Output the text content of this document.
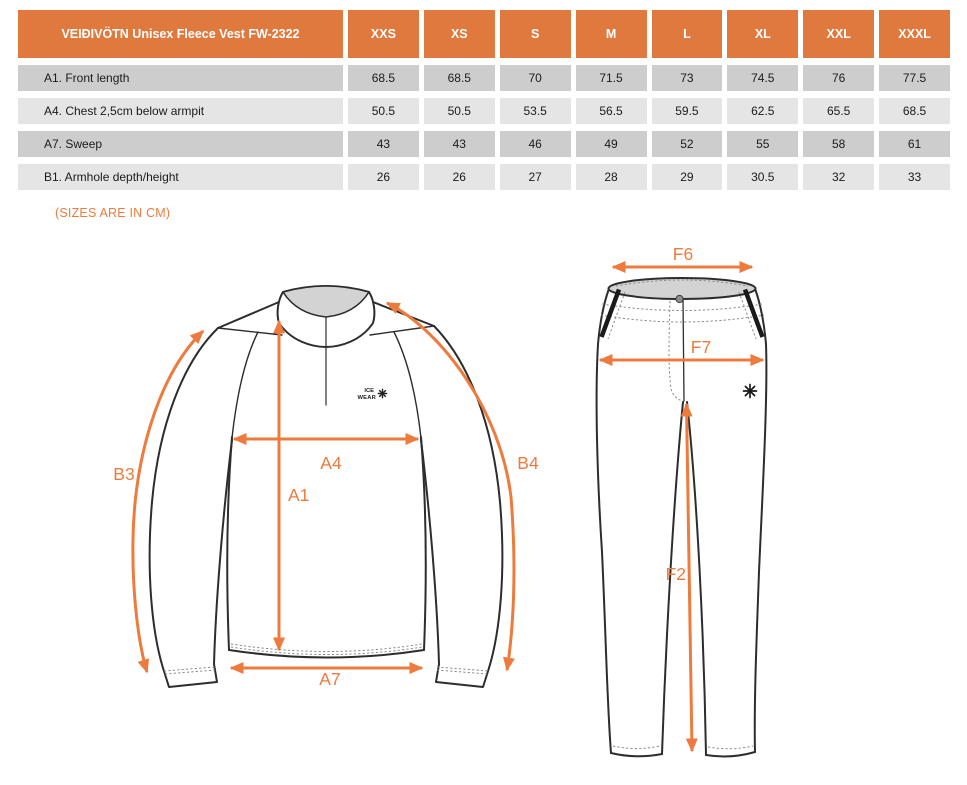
VEIÐIVÖTN Unisex Fleece Vest FW-2322	XXS	XS	S	M	L	XL	XXL	XXXL
A1. Front length	68.5	68.5	70	71.5	73	74.5	76	77.5
A4. Chest 2,5cm below armpit	50.5	50.5	53.5	56.5	59.5	62.5	65.5	68.5
A7. Sweep	43	43	46	49	52	55	58	61
B1. Armhole depth/height	26	26	27	28	29	30.5	32	33
(SIZES ARE IN CM)
ICE
WEAR
B3
B4
A4
A1
A7
F6
F7
F2
